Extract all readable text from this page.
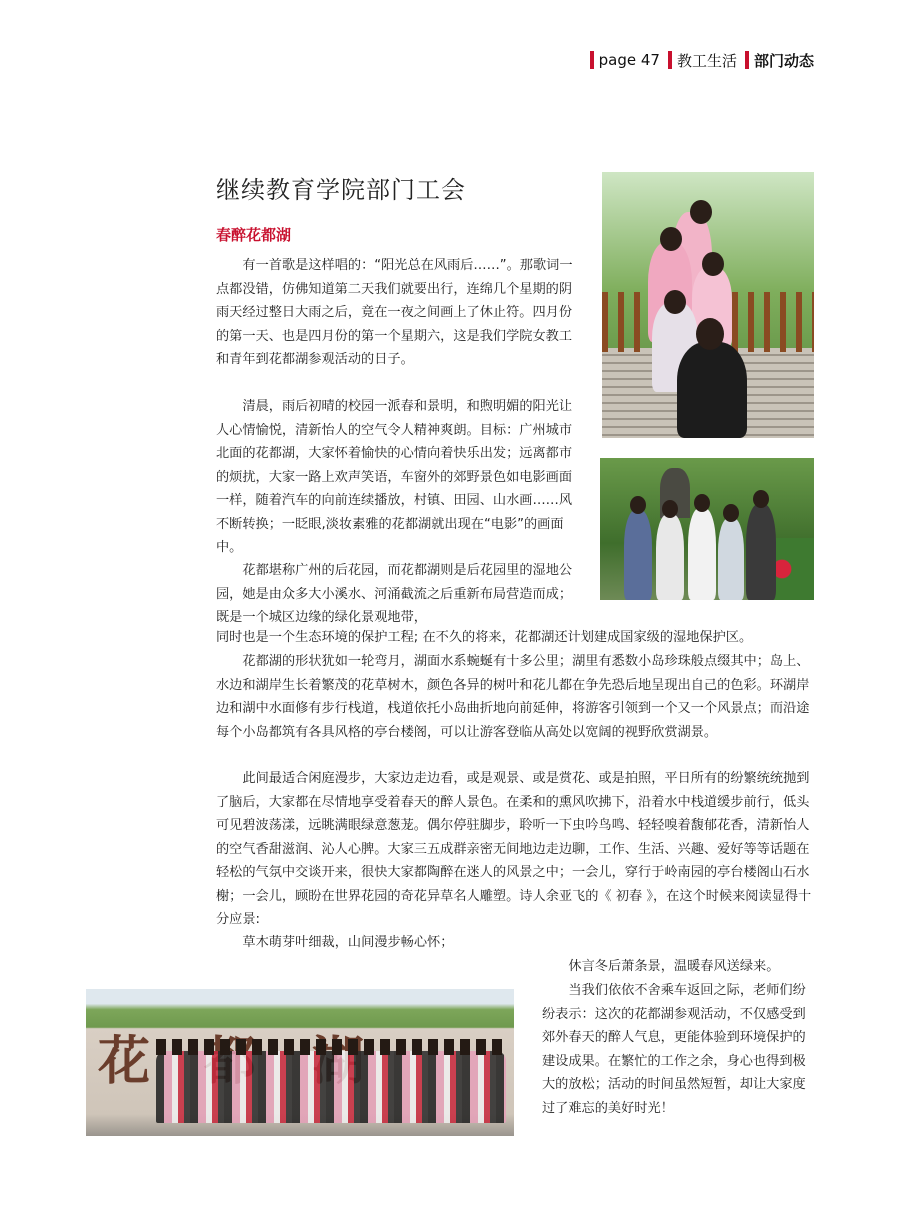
page 47 教工生活 部门动态
继续教育学院部门工会
春醉花都湖

有一首歌是这样唱的：“阳光总在风雨后……”。那歌词一点都没错，仿佛知道第二天我们就要出行，连绵几个星期的阴雨天经过整日大雨之后，竟在一夜之间画上了休止符。四月份的第一天、也是四月份的第一个星期六，这是我们学院女教工和青年到花都湖参观活动的日子。

清晨，雨后初晴的校园一派春和景明，和煦明媚的阳光让人心情愉悦，清新怡人的空气令人精神爽朗。目标：广州城市北面的花都湖，大家怀着愉快的心情向着快乐出发；远离都市的烦扰，大家一路上欢声笑语，车窗外的郊野景色如电影画面一样，随着汽车的向前连续播放，村镇、田园、山水画……风不断转换；一眨眼,淡妆素雅的花都湖就出现在“电影”的画面中。

花都堪称广州的后花园，而花都湖则是后花园里的湿地公园，她是由众多大小溪水、河涌截流之后重新布局营造而成；既是一个城区边缘的绿化景观地带，

同时也是一个生态环境的保护工程; 在不久的将来，花都湖还计划建成国家级的湿地保护区。

花都湖的形状犹如一轮弯月，湖面水系蜿蜒有十多公里；湖里有悉数小岛珍珠般点缀其中；岛上、水边和湖岸生长着繁茂的花草树木，颜色各异的树叶和花儿都在争先恐后地呈现出自己的色彩。环湖岸边和湖中水面修有步行栈道，栈道依托小岛曲折地向前延伸，将游客引领到一个又一个风景点；而沿途每个小岛都筑有各具风格的亭台楼阁，可以让游客登临从高处以宽阔的视野欣赏湖景。

此间最适合闲庭漫步，大家边走边看，或是观景、或是赏花、或是拍照，平日所有的纷繁统统抛到了脑后，大家都在尽情地享受着春天的醉人景色。在柔和的熏风吹拂下，沿着水中栈道缓步前行，低头可见碧波荡漾，远眺满眼绿意葱茏。偶尔停驻脚步，聆听一下虫吟鸟鸣、轻轻嗅着馥郁花香，清新怡人的空气香甜滋润、沁人心脾。大家三五成群亲密无间地边走边聊，工作、生活、兴趣、爱好等等话题在轻松的气氛中交谈开来，很快大家都陶醉在迷人的风景之中；一会儿，穿行于岭南园的亭台楼阁山石水榭；一会儿，顾盼在世界花园的奇花异草名人雕塑。诗人余亚飞的《 初春 》，在这个时候来阅读显得十分应景:

草木萌芽叶细裁，山间漫步畅心怀；

休言冬后萧条景，温暖春风送绿来。

当我们依依不舍乘车返回之际，老师们纷纷表示：这次的花都湖参观活动，不仅感受到郊外春天的醉人气息，更能体验到环境保护的建设成果。在繁忙的工作之余，身心也得到极大的放松；活动的时间虽然短暂，却让大家度过了难忘的美好时光！

花
